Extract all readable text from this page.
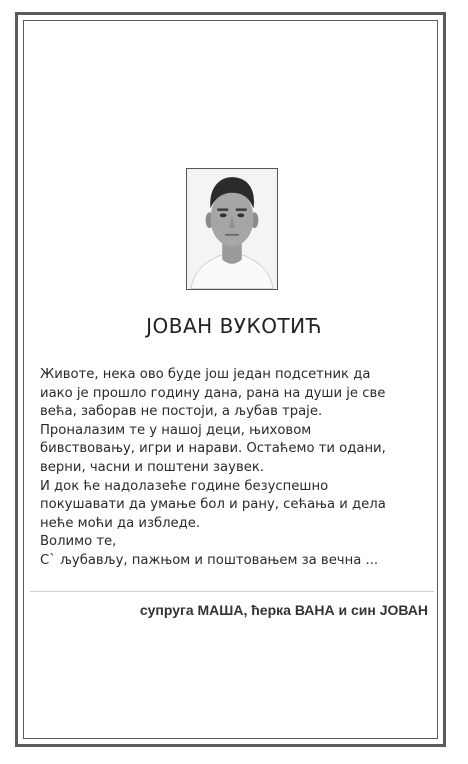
ЈОВАН ВУКОТИЋ
Животе, нека ово буде још један подсетник да
иако је прошло годину дана, рана на души је све
већа, заборав не постоји, а љубав траје.
Проналазим те у нашој деци, њиховом
бивствовању, игри и нарави. Остаћемо ти одани,
верни, часни и поштени заувек.
И док ће надолазеће године безуспешно
покушавати да умање бол и рану, сећања и дела
неће моћи да избледе.
Волимо те,
С` љубављу, пажњом и поштовањем за вечна ...
супруга МАША, ћерка ВАНА и син ЈОВАН
